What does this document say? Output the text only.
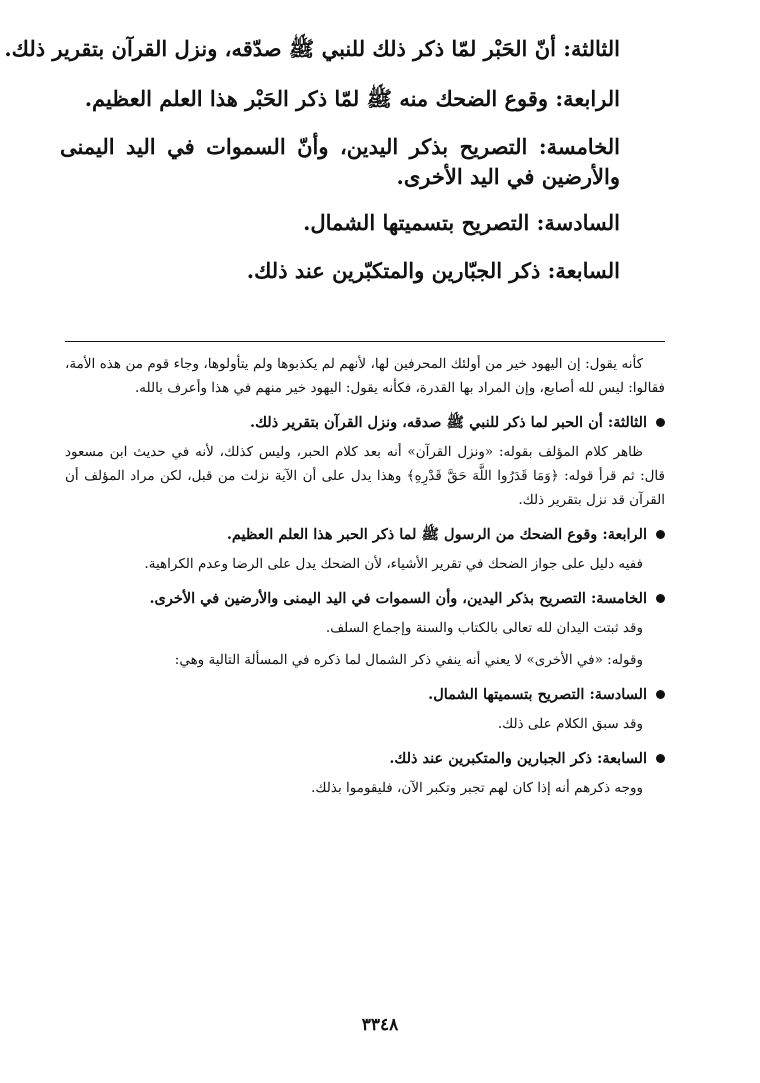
الثالثة: أنّ الحَبْر لمّا ذكر ذلك للنبي ﷺ صدّقه، ونزل القرآن بتقرير ذلك.

الرابعة: وقوع الضحك منه ﷺ لمّا ذكر الحَبْر هذا العلم العظيم.

الخامسة: التصريح بذكر اليدين، وأنّ السموات في اليد اليمنى والأرضين في اليد الأخرى.

السادسة: التصريح بتسميتها الشمال.

السابعة: ذكر الجبّارين والمتكبّرين عند ذلك.

كأنه يقول: إن اليهود خير من أولئك المحرفين لها، لأنهم لم يكذبوها ولم يتأولوها، وجاء قوم من هذه الأمة، فقالوا: ليس لله أصابع، وإن المراد بها القدرة، فكأنه يقول: اليهود خير منهم في هذا وأعرف بالله.

الثالثة: أن الحبر لما ذكر للنبي ﷺ صدقه، ونزل القرآن بتقرير ذلك.

ظاهر كلام المؤلف بقوله: «ونزل القرآن» أنه بعد كلام الحبر، وليس كذلك، لأنه في حديث ابن مسعود قال: ثم قرأ قوله: ﴿وَمَا قَدَرُوا اللَّهَ حَقَّ قَدْرِهِ﴾ وهذا يدل على أن الآية نزلت من قبل، لكن مراد المؤلف أن القرآن قد نزل بتقرير ذلك.

الرابعة: وقوع الضحك من الرسول ﷺ لما ذكر الحبر هذا العلم العظيم.

ففيه دليل على جواز الضحك في تقرير الأشياء، لأن الضحك يدل على الرضا وعدم الكراهية.

الخامسة: التصريح بذكر اليدين، وأن السموات في اليد اليمنى والأرضين في الأخرى.

وقد ثبتت اليدان لله تعالى بالكتاب والسنة وإجماع السلف.

وقوله: «في الأخرى» لا يعني أنه ينفي ذكر الشمال لما ذكره في المسألة التالية وهي:

السادسة: التصريح بتسميتها الشمال.

وقد سبق الكلام على ذلك.

السابعة: ذكر الجبارين والمتكبرين عند ذلك.

ووجه ذكرهم أنه إذا كان لهم تجبر وتكبر الآن، فليقوموا بذلك.

٣٣٤٨
